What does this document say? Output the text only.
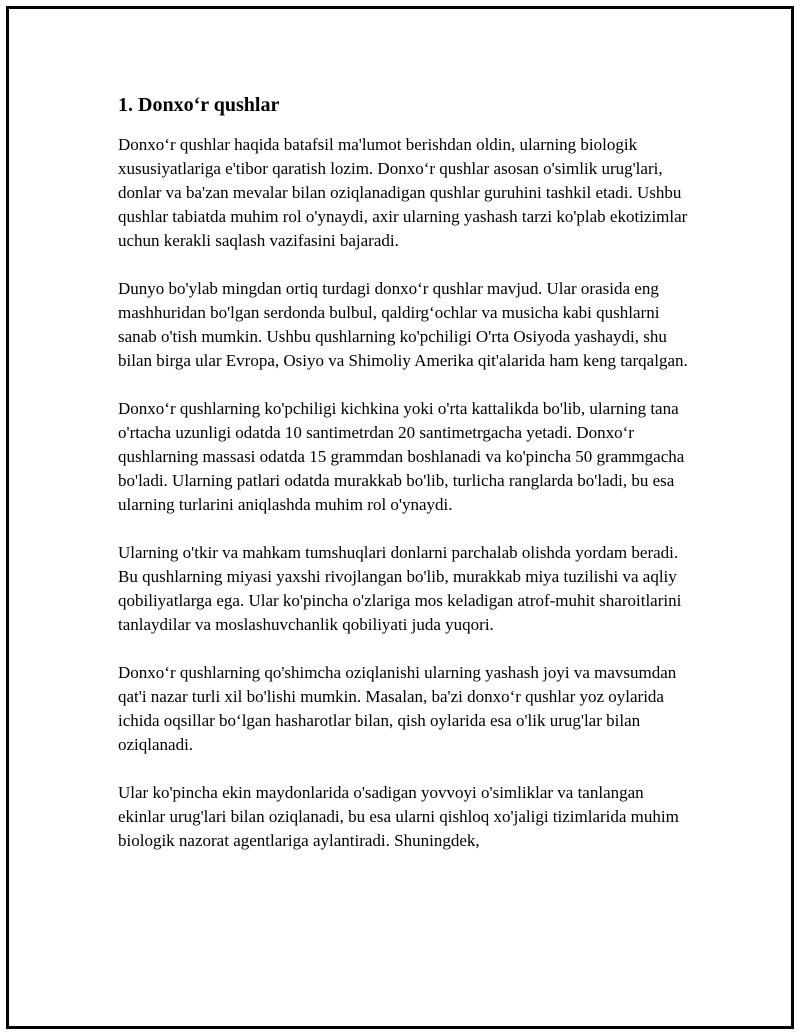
1. Donxo‘r qushlar

Donxo‘r qushlar haqida batafsil ma'lumot berishdan oldin, ularning biologik xususiyatlariga e'tibor qaratish lozim. Donxo‘r qushlar asosan o'simlik urug'lari, donlar va ba'zan mevalar bilan oziqlanadigan qushlar guruhini tashkil etadi. Ushbu qushlar tabiatda muhim rol o'ynaydi, axir ularning yashash tarzi ko'plab ekotizimlar uchun kerakli saqlash vazifasini bajaradi.

Dunyo bo'ylab mingdan ortiq turdagi donxo‘r qushlar mavjud. Ular orasida eng mashhuridan bo'lgan serdonda bulbul, qaldirg‘ochlar va musicha kabi qushlarni sanab o'tish mumkin. Ushbu qushlarning ko'pchiligi O'rta Osiyoda yashaydi, shu bilan birga ular Evropa, Osiyo va Shimoliy Amerika qit'alarida ham keng tarqalgan.

Donxo‘r qushlarning ko'pchiligi kichkina yoki o'rta kattalikda bo'lib, ularning tana o'rtacha uzunligi odatda 10 santimetrdan 20 santimetrgacha yetadi. Donxo‘r qushlarning massasi odatda 15 grammdan boshlanadi va ko'pincha 50 grammgacha bo'ladi. Ularning patlari odatda murakkab bo'lib, turlicha ranglarda bo'ladi, bu esa ularning turlarini aniqlashda muhim rol o'ynaydi.

Ularning o'tkir va mahkam tumshuqlari donlarni parchalab olishda yordam beradi. Bu qushlarning miyasi yaxshi rivojlangan bo'lib, murakkab miya tuzilishi va aqliy qobiliyatlarga ega. Ular ko'pincha o'zlariga mos keladigan atrof-muhit sharoitlarini tanlaydilar va moslashuvchanlik qobiliyati juda yuqori.

Donxo‘r qushlarning qo'shimcha oziqlanishi ularning yashash joyi va mavsumdan qat'i nazar turli xil bo'lishi mumkin. Masalan, ba'zi donxo‘r qushlar yoz oylarida ichida oqsillar bo‘lgan hasharotlar bilan, qish oylarida esa o'lik urug'lar bilan oziqlanadi.

Ular ko'pincha ekin maydonlarida o'sadigan yovvoyi o'simliklar va tanlangan ekinlar urug'lari bilan oziqlanadi, bu esa ularni qishloq xo'jaligi tizimlarida muhim biologik nazorat agentlariga aylantiradi. Shuningdek,
